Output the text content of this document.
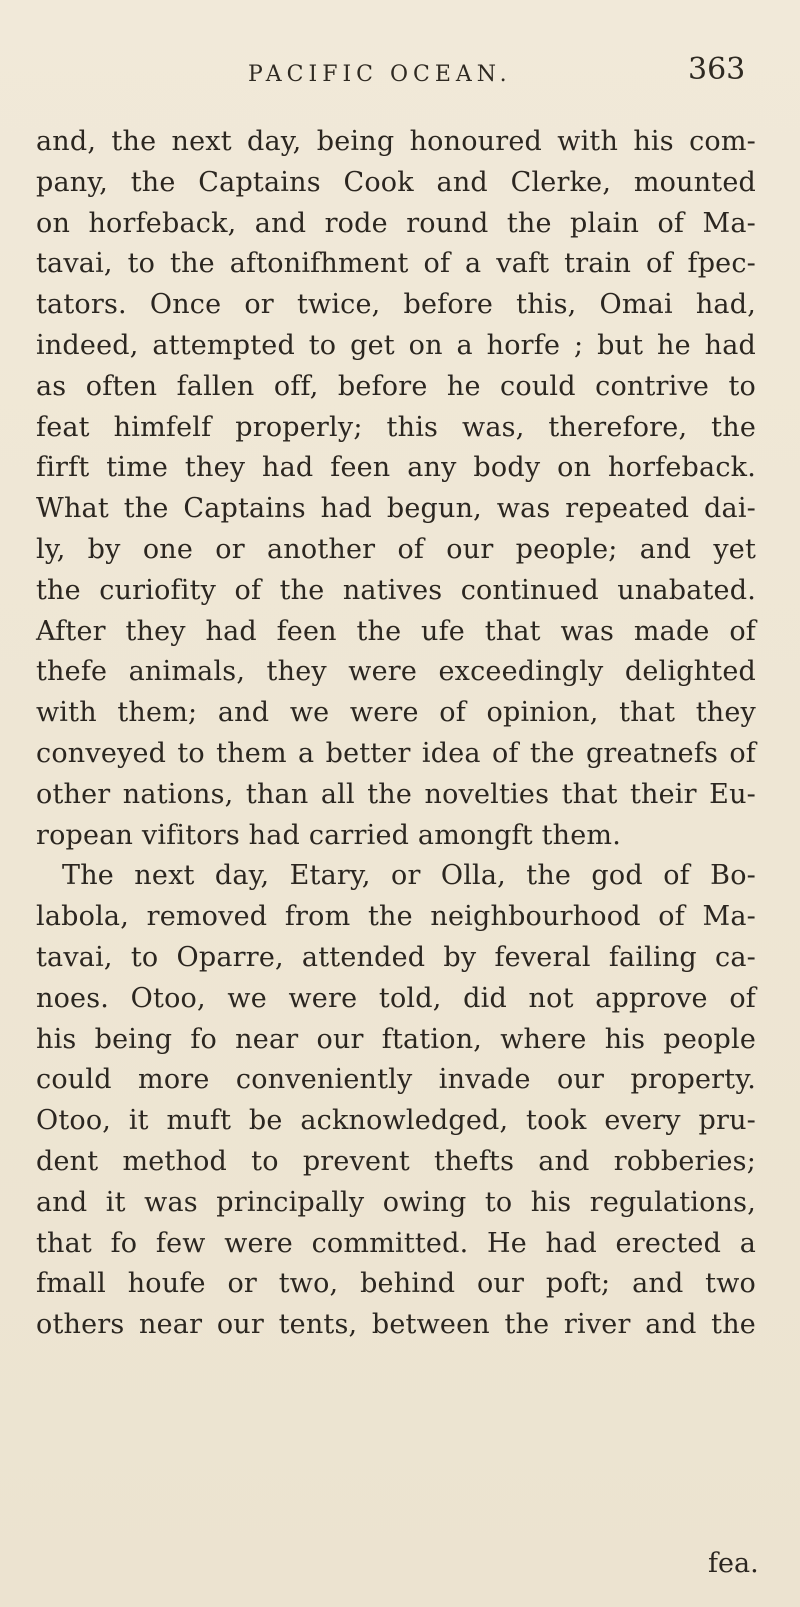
PACIFIC OCEAN.	363
and, the next day, being honoured with his com-
pany, the Captains Cook and Clerke, mounted
on horfeback, and rode round the plain of Ma-
tavai, to the aftonifhment of a vaft train of fpec-
tators. Once or twice, before this, Omai had,
indeed, attempted to get on a horfe ; but he had
as often fallen off, before he could contrive to
feat himfelf properly; this was, therefore, the
firft time they had feen any body on horfeback.
What the Captains had begun, was repeated dai-
ly, by one or another of our people; and yet
the curiofity of the natives continued unabated.
After they had feen the ufe that was made of
thefe animals, they were exceedingly delighted
with them; and we were of opinion, that they
conveyed to them a better idea of the greatnefs of
other nations, than all the novelties that their Eu-
ropean vifitors had carried amongft them.
The next day, Etary, or Olla, the god of Bo-
labola, removed from the neighbourhood of Ma-
tavai, to Oparre, attended by feveral failing ca-
noes. Otoo, we were told, did not approve of
his being fo near our ftation, where his people
could more conveniently invade our property.
Otoo, it muft be acknowledged, took every pru-
dent method to prevent thefts and robberies;
and it was principally owing to his regulations,
that fo few were committed. He had erected a
fmall houfe or two, behind our poft; and two
others near our tents, between the river and the
fea.
